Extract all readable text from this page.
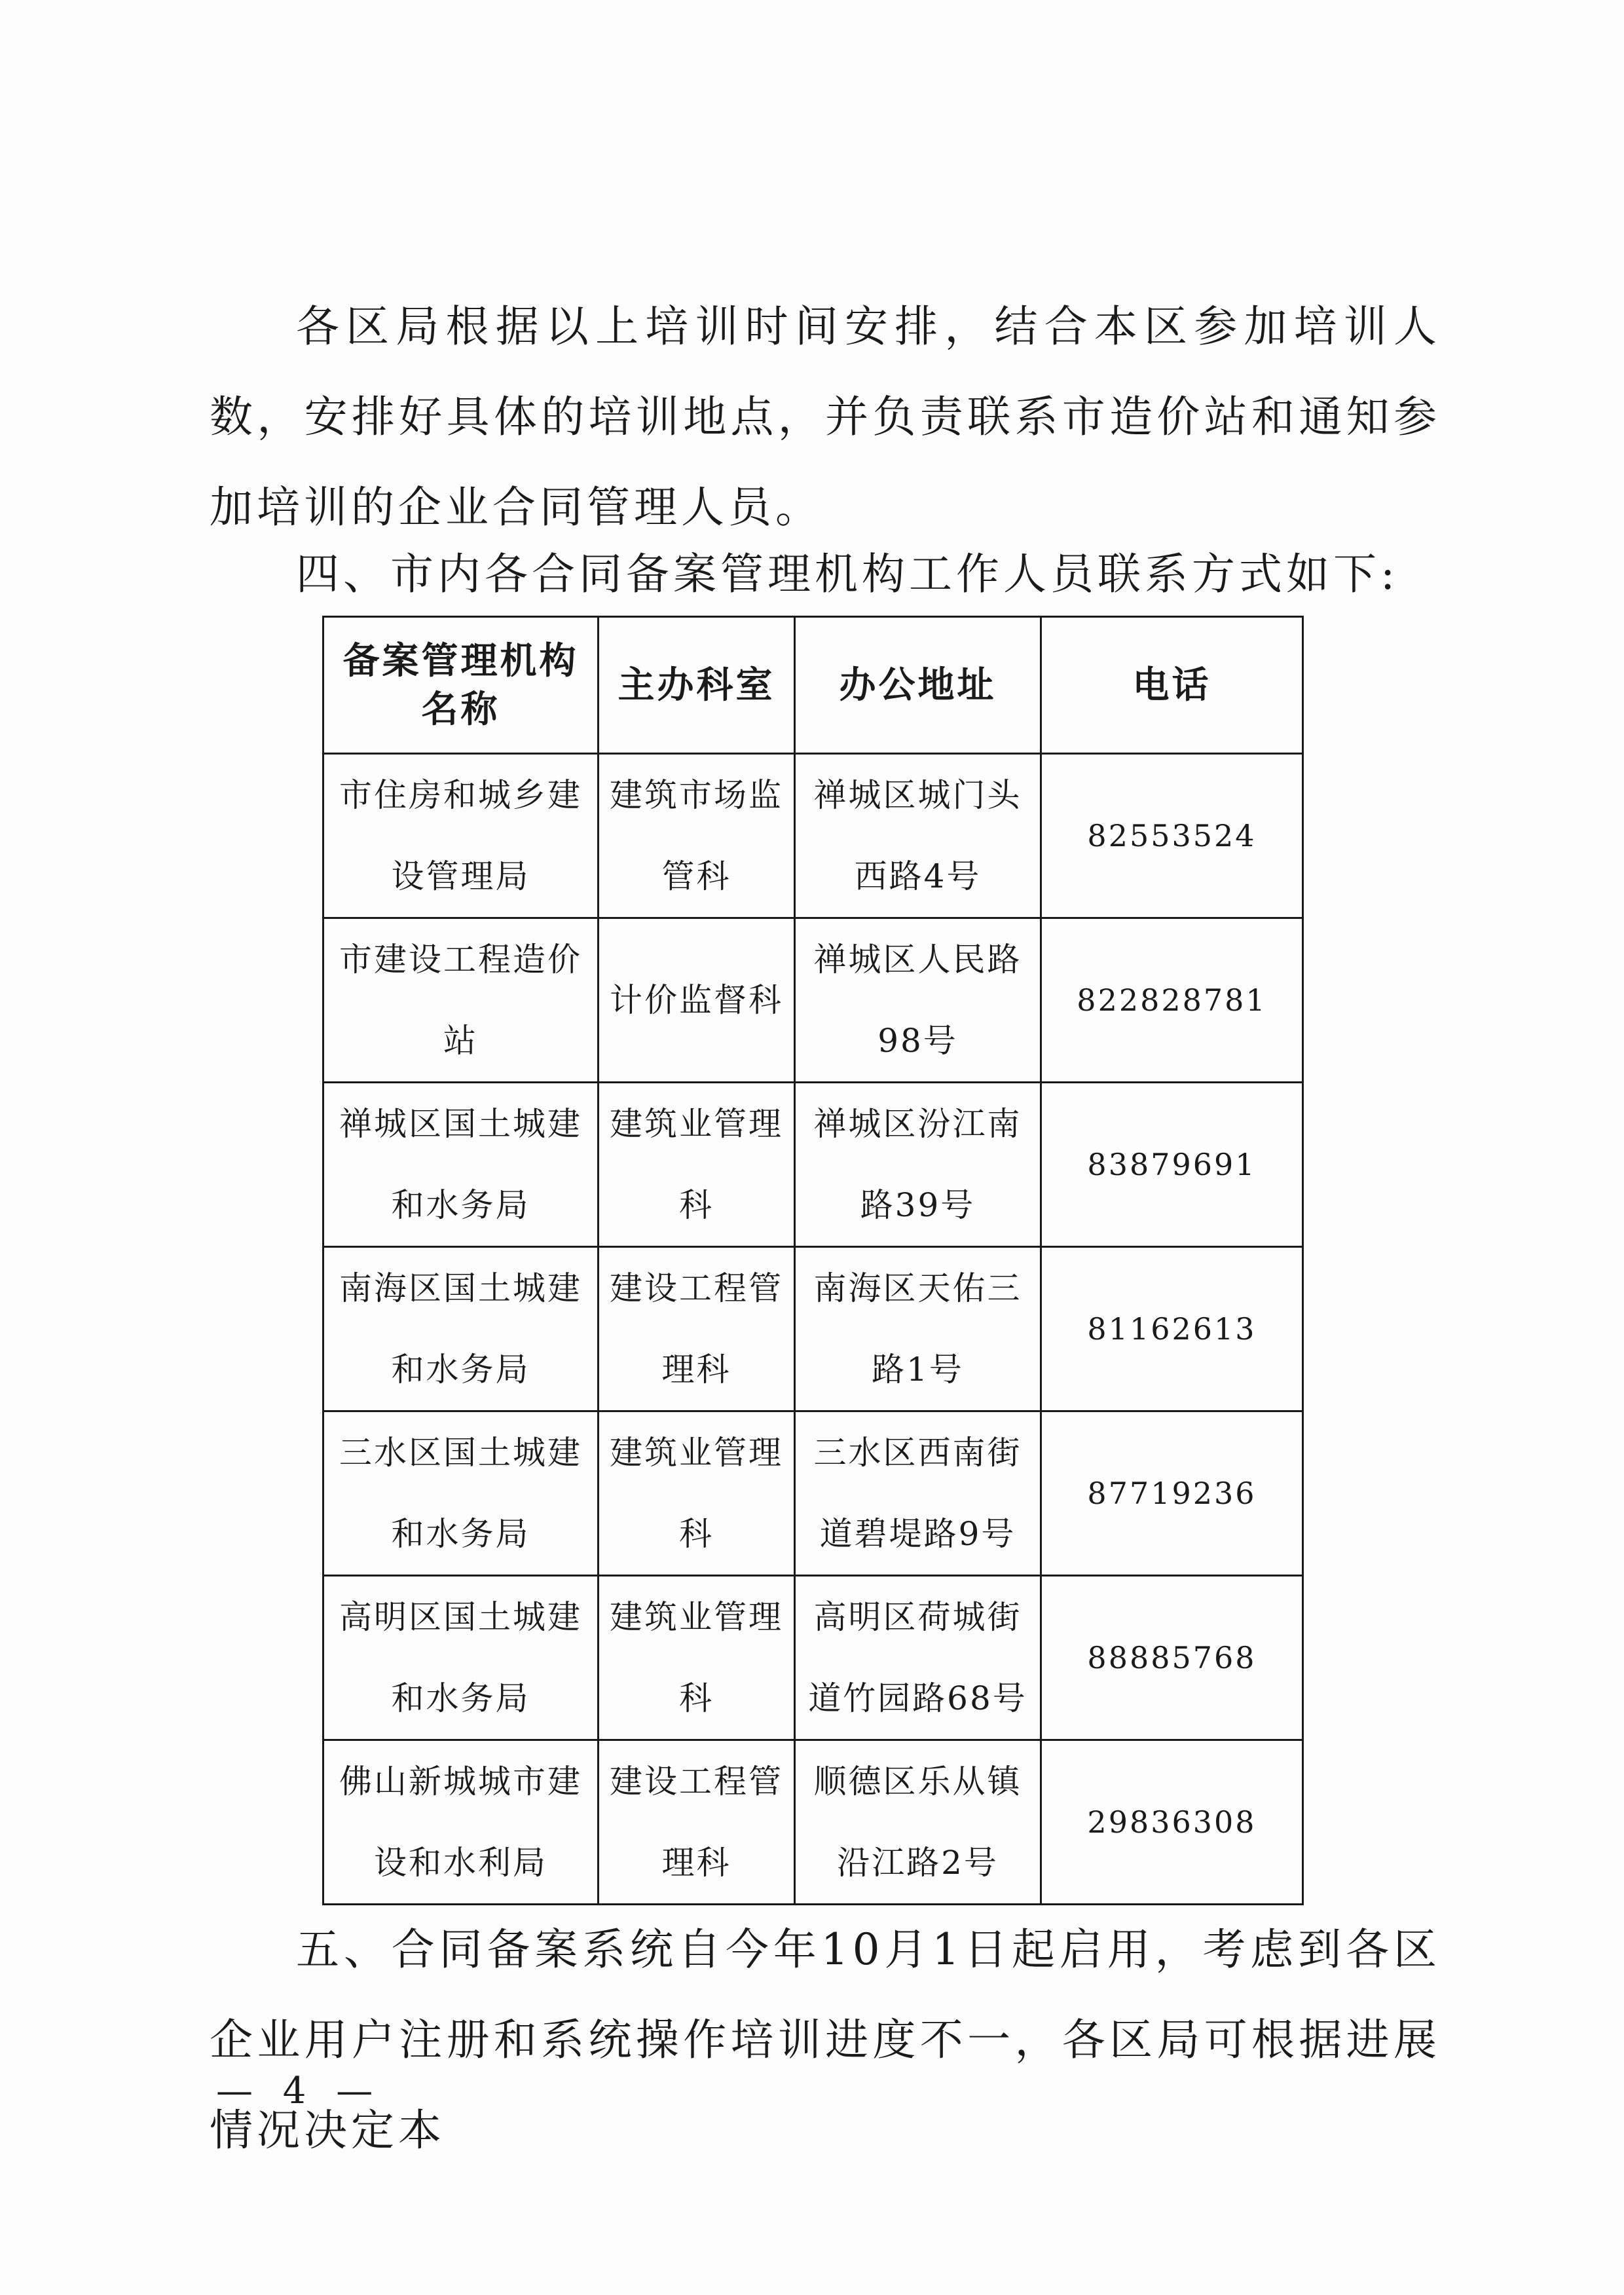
各区局根据以上培训时间安排，结合本区参加培训人数，安排好具体的培训地点，并负责联系市造价站和通知参加培训的企业合同管理人员。

四、市内各合同备案管理机构工作人员联系方式如下:

备案管理机构名称	主办科室	办公地址	电话
市住房和城乡建设管理局	建筑市场监管科	禅城区城门头西路4号	82553524
市建设工程造价站	计价监督科	禅城区人民路98号	822828781
禅城区国土城建和水务局	建筑业管理科	禅城区汾江南路39号	83879691
南海区国土城建和水务局	建设工程管理科	南海区天佑三路1号	81162613
三水区国土城建和水务局	建筑业管理科	三水区西南街道碧堤路9号	87719236
高明区国土城建和水务局	建筑业管理科	高明区荷城街道竹园路68号	88885768
佛山新城城市建设和水利局	建设工程管理科	顺德区乐从镇沿江路2号	29836308

五、合同备案系统自今年10月1日起启用，考虑到各区企业用户注册和系统操作培训进度不一，各区局可根据进展情况决定本

— 4 —
